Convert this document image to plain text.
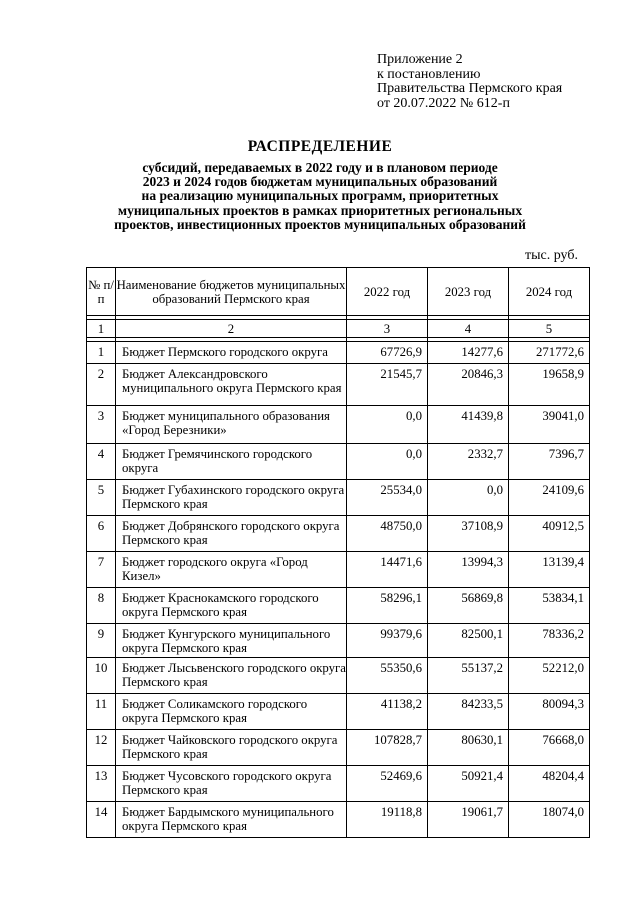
Приложение 2
к постановлению
Правительства Пермского края
от 20.07.2022 № 612-п
РАСПРЕДЕЛЕНИЕ
субсидий, передаваемых в 2022 году и в плановом периоде
2023 и 2024 годов бюджетам муниципальных образований
на реализацию муниципальных программ, приоритетных
муниципальных проектов в рамках приоритетных региональных
проектов, инвестиционных проектов муниципальных образований
тыс. руб.
№ п/п	Наименование бюджетов муниципальных образований Пермского края	2022 год	2023 год	2024 год

1	2	3	4	5

1	Бюджет Пермского городского округа	67726,9	14277,6	271772,6
2	Бюджет Александровского муниципального округа Пермского края	21545,7	20846,3	19658,9
3	Бюджет муниципального образования «Город Березники»	0,0	41439,8	39041,0
4	Бюджет Гремячинского городского округа	0,0	2332,7	7396,7
5	Бюджет Губахинского городского округа Пермского края	25534,0	0,0	24109,6
6	Бюджет Добрянского городского округа Пермского края	48750,0	37108,9	40912,5
7	Бюджет городского округа «Город Кизел»	14471,6	13994,3	13139,4
8	Бюджет Краснокамского городского округа Пермского края	58296,1	56869,8	53834,1
9	Бюджет Кунгурского муниципального округа Пермского края	99379,6	82500,1	78336,2
10	Бюджет Лысьвенского городского округа Пермского края	55350,6	55137,2	52212,0
11	Бюджет Соликамского городского округа Пермского края	41138,2	84233,5	80094,3
12	Бюджет Чайковского городского округа Пермского края	107828,7	80630,1	76668,0
13	Бюджет Чусовского городского округа Пермского края	52469,6	50921,4	48204,4
14	Бюджет Бардымского муниципального округа Пермского края	19118,8	19061,7	18074,0
